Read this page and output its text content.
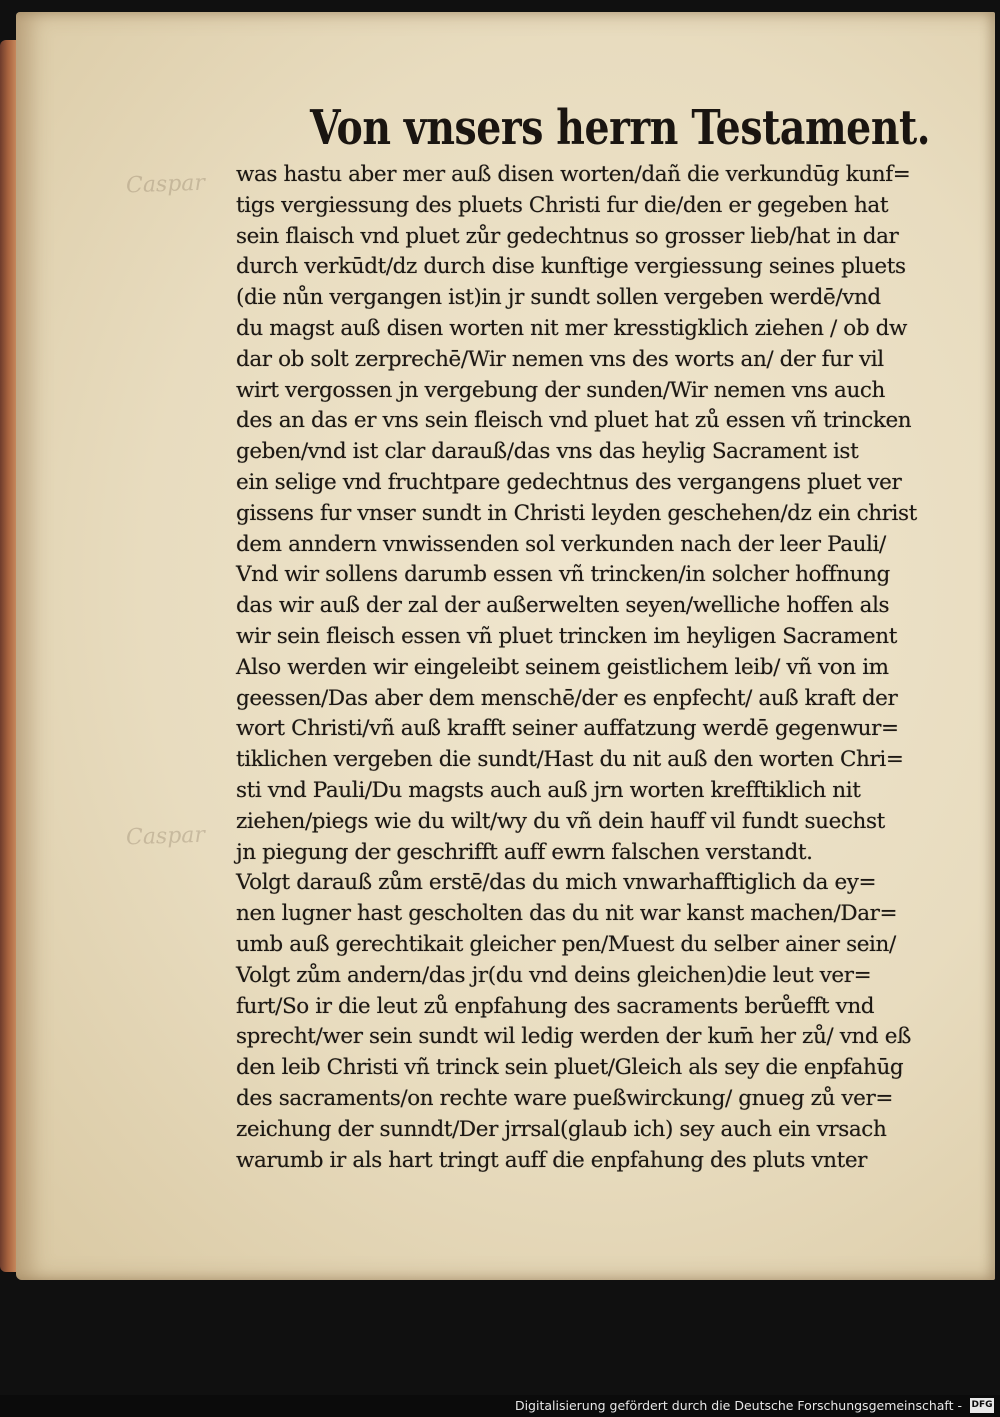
Caspar
Caspar
Von vnsers herrn Testament.
was hastu aber mer auß disen worten/dañ die verkundūg kunf=
tigs vergiessung des pluets Christi fur die/den er gegeben hat
sein flaisch vnd pluet zůr gedechtnus so grosser lieb/hat in dar
durch verkūdt/dz durch dise kunftige vergiessung seines pluets
(die nůn vergangen ist)in jr sundt sollen vergeben werdē/vnd
du magst auß disen worten nit mer kresstigklich ziehen / ob dw
dar ob solt zerprechē/Wir nemen vns des worts an/ der fur vil
wirt vergossen jn vergebung der sunden/Wir nemen vns auch
des an das er vns sein fleisch vnd pluet hat zů essen vñ trincken
geben/vnd ist clar darauß/das vns das heylig Sacrament ist
ein selige vnd fruchtpare gedechtnus des vergangens pluet ver
gissens fur vnser sundt in Christi leyden geschehen/dz ein christ
dem anndern vnwissenden sol verkunden nach der leer Pauli/
Vnd wir sollens darumb essen vñ trincken/in solcher hoffnung
das wir auß der zal der außerwelten seyen/welliche hoffen als
wir sein fleisch essen vñ pluet trincken im heyligen Sacrament
Also werden wir eingeleibt seinem geistlichem leib/ vñ von im
geessen/Das aber dem menschē/der es enpfecht/ auß kraft der
wort Christi/vñ auß krafft seiner auffatzung werdē gegenwur=
tiklichen vergeben die sundt/Hast du nit auß den worten Chri=
sti vnd Pauli/Du magsts auch auß jrn worten krefftiklich nit
ziehen/piegs wie du wilt/wy du vñ dein hauff vil fundt suechst
jn piegung der geschrifft auff ewrn falschen verstandt.
Volgt darauß zům erstē/das du mich vnwarhafftiglich da ey=
nen lugner hast gescholten das du nit war kanst machen/Dar=
umb auß gerechtikait gleicher pen/Muest du selber ainer sein/
Volgt zům andern/das jr(du vnd deins gleichen)die leut ver=
furt/So ir die leut zů enpfahung des sacraments berůefft vnd
sprecht/wer sein sundt wil ledig werden der kum̄ her zů/ vnd eß
den leib Christi vñ trinck sein pluet/Gleich als sey die enpfahūg
des sacraments/on rechte ware pueßwirckung/ gnueg zů ver=
zeichung der sunndt/Der jrrsal(glaub ich) sey auch ein vrsach
warumb ir als hart tringt auff die enpfahung des pluts vnter
Digitalisierung gefördert durch die Deutsche Forschungsgemeinschaft - DFG
